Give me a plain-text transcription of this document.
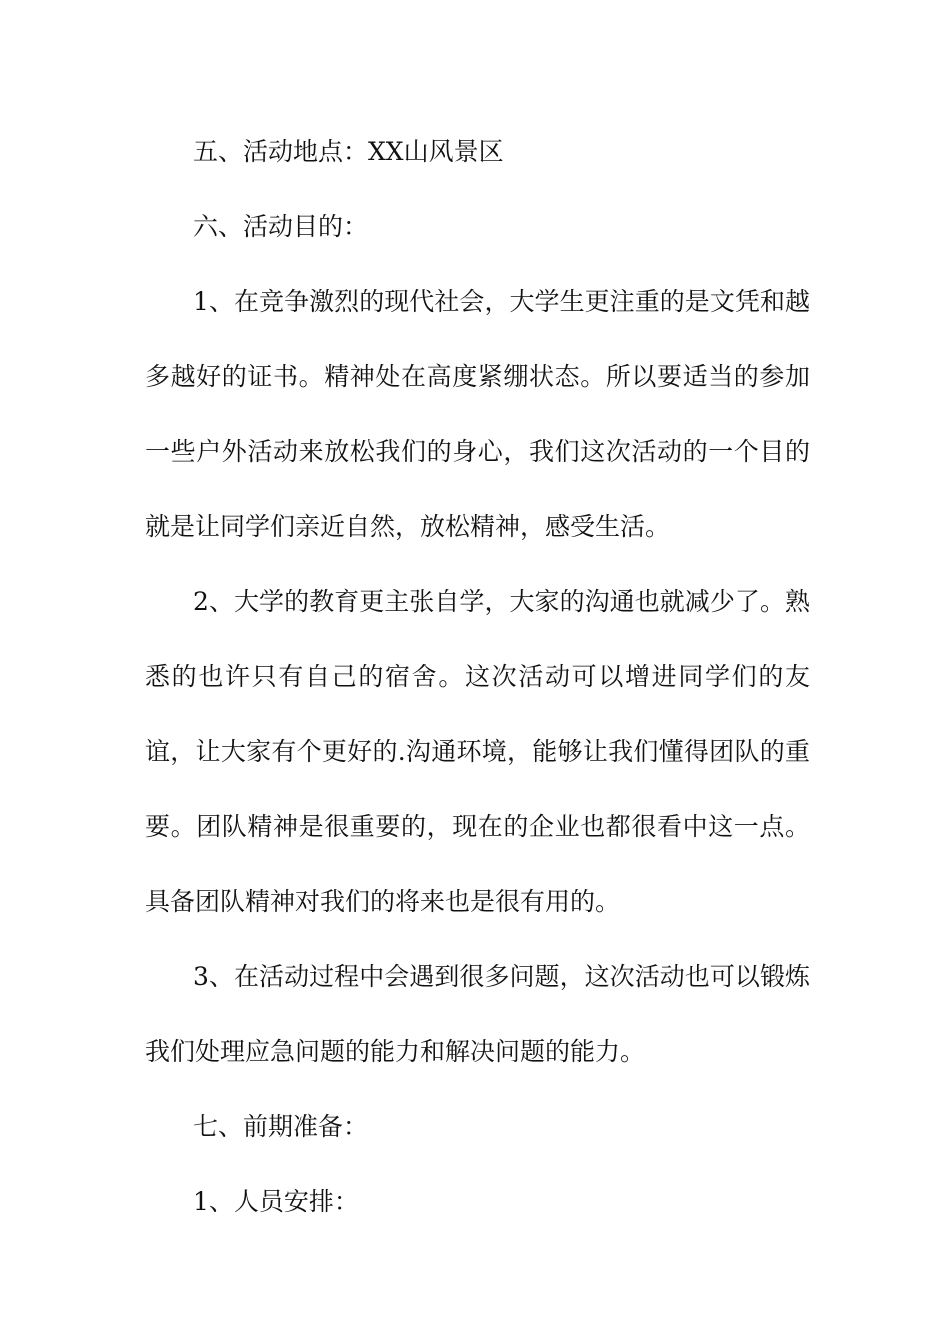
五、活动地点：XX山风景区

六、活动目的：

1、在竞争激烈的现代社会，大学生更注重的是文凭和越多越好的证书。精神处在高度紧绷状态。所以要适当的参加一些户外活动来放松我们的身心，我们这次活动的一个目的就是让同学们亲近自然，放松精神，感受生活。

2、大学的教育更主张自学，大家的沟通也就减少了。熟悉的也许只有自己的宿舍。这次活动可以增进同学们的友谊，让大家有个更好的.沟通环境，能够让我们懂得团队的重要。团队精神是很重要的，现在的企业也都很看中这一点。具备团队精神对我们的将来也是很有用的。

3、在活动过程中会遇到很多问题，这次活动也可以锻炼我们处理应急问题的能力和解决问题的能力。

七、前期准备：

1、人员安排：
